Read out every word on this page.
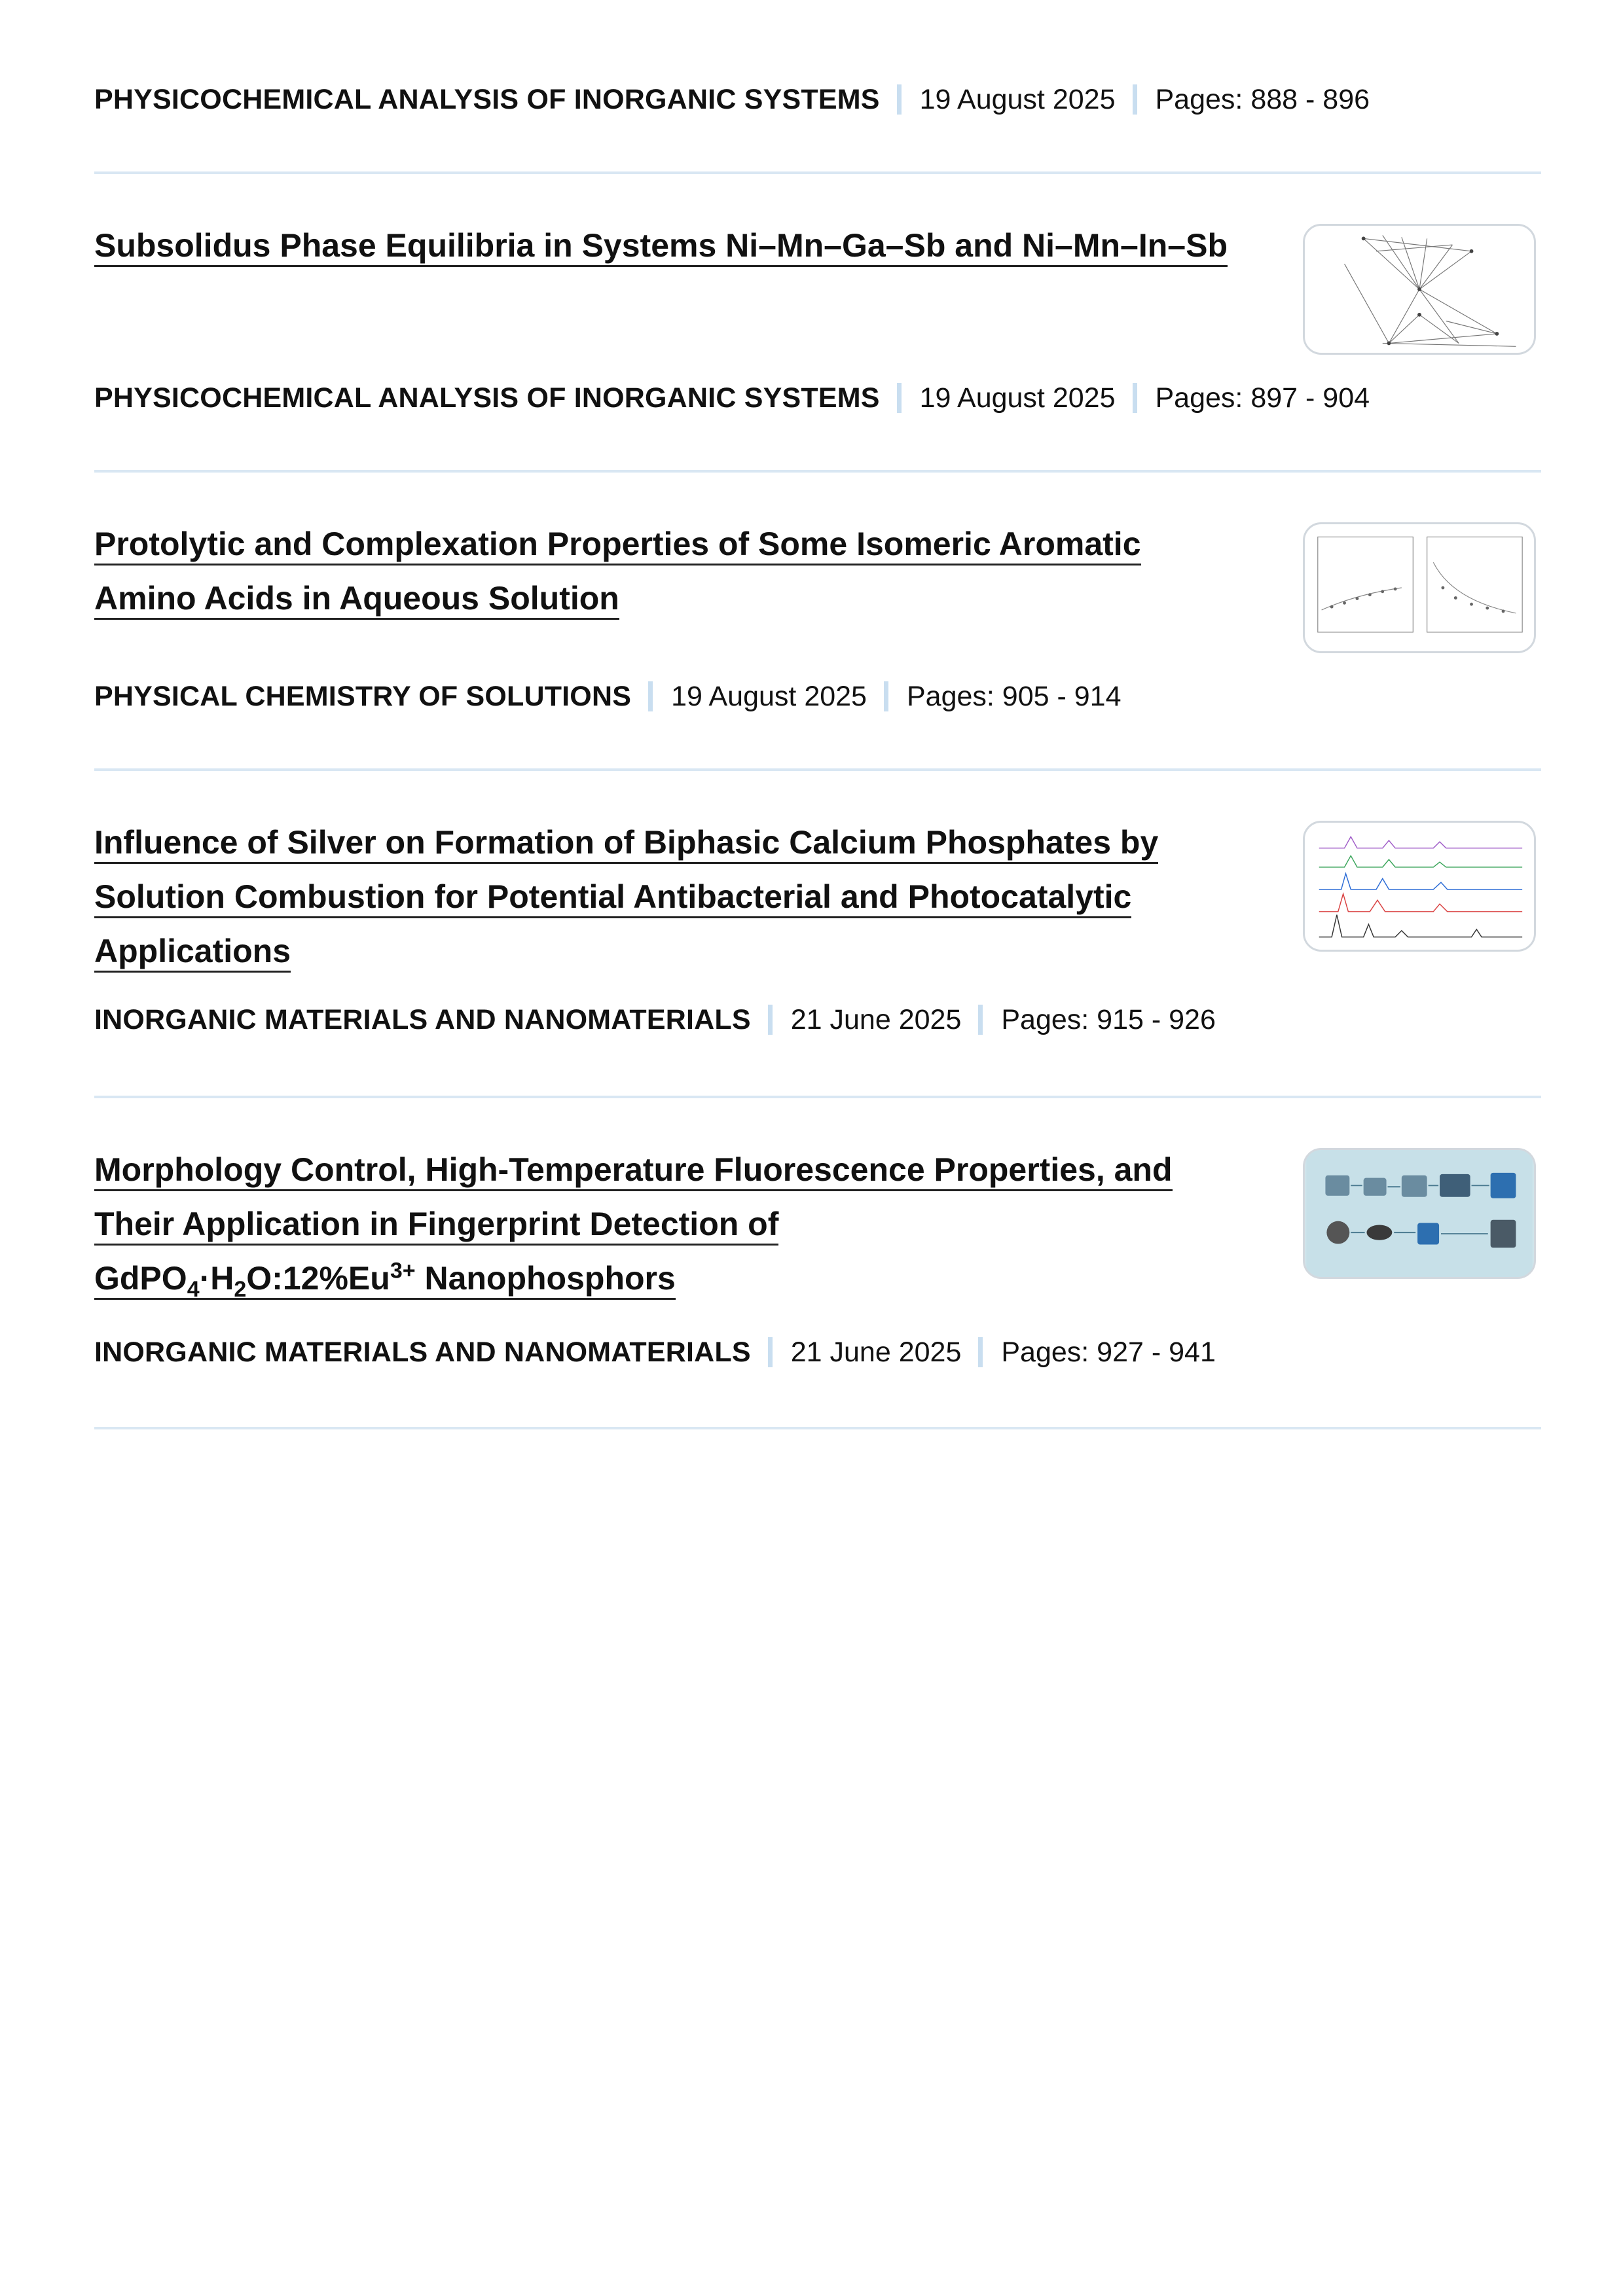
PHYSICOCHEMICAL ANALYSIS OF INORGANIC SYSTEMS 19 August 2025 Pages: 888 - 896
Subsolidus Phase Equilibria in Systems Ni–Mn–Ga–Sb and Ni–Mn–In–Sb
PHYSICOCHEMICAL ANALYSIS OF INORGANIC SYSTEMS 19 August 2025 Pages: 897 - 904
Protolytic and Complexation Properties of Some Isomeric Aromatic
Amino Acids in Aqueous Solution
PHYSICAL CHEMISTRY OF SOLUTIONS 19 August 2025 Pages: 905 - 914
Influence of Silver on Formation of Biphasic Calcium Phosphates by
Solution Combustion for Potential Antibacterial and Photocatalytic
Applications
INORGANIC MATERIALS AND NANOMATERIALS 21 June 2025 Pages: 915 - 926
Morphology Control, High-Temperature Fluorescence Properties, and
Their Application in Fingerprint Detection of
$GdPO_4\cdot H_2O:12\%Eu^{3+}$ Nanophosphors
INORGANIC MATERIALS AND NANOMATERIALS 21 June 2025 Pages: 927 - 941
